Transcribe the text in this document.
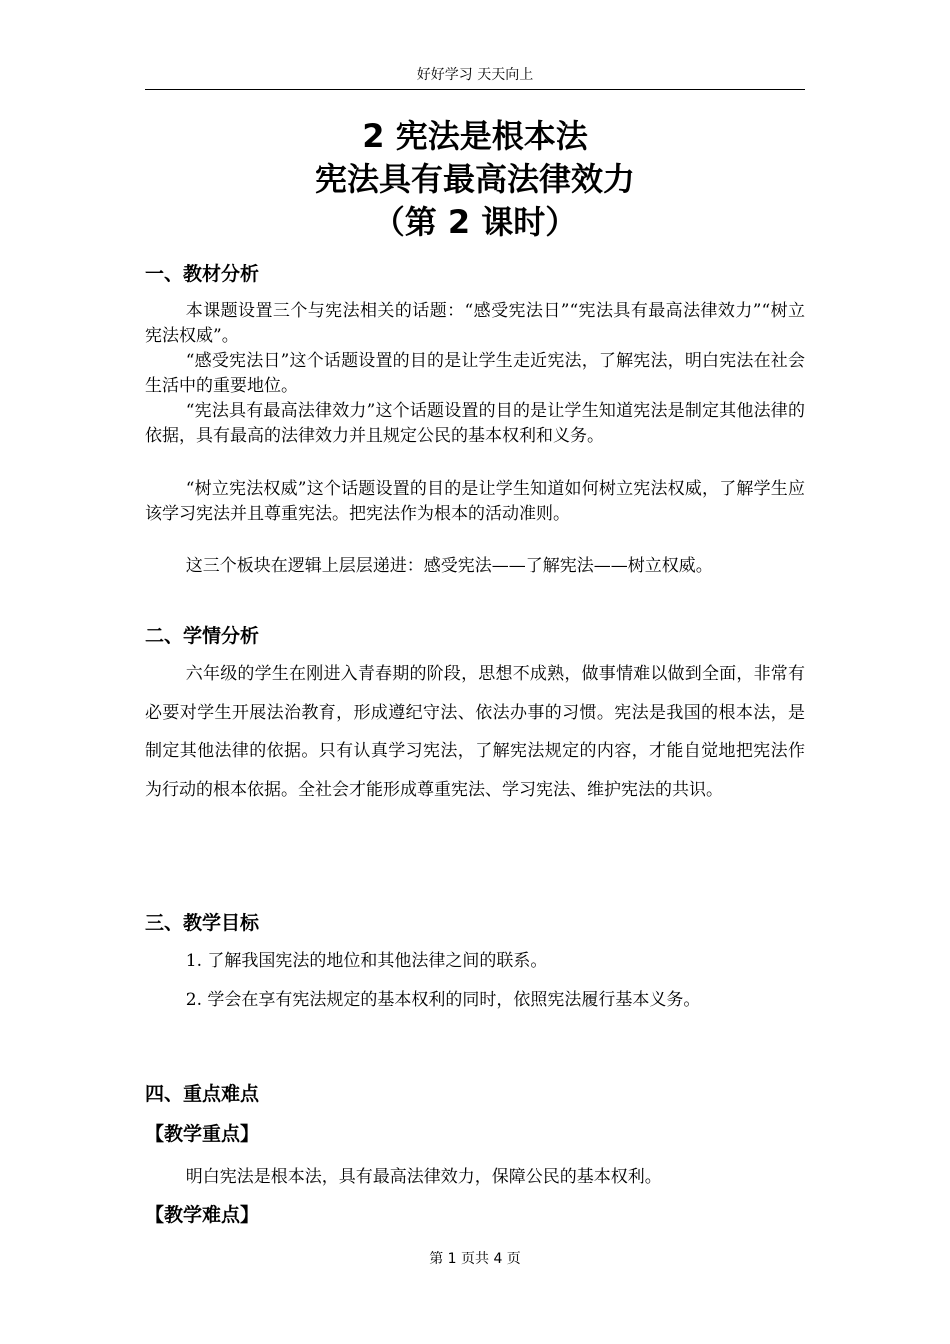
好好学习 天天向上
2 宪法是根本法
宪法具有最高法律效力
（第 2 课时）
一、教材分析

本课题设置三个与宪法相关的话题：“感受宪法日”“宪法具有最高法律效力”“树立宪法权威”。

“感受宪法日”这个话题设置的目的是让学生走近宪法，了解宪法，明白宪法在社会生活中的重要地位。

“宪法具有最高法律效力”这个话题设置的目的是让学生知道宪法是制定其他法律的依据，具有最高的法律效力并且规定公民的基本权利和义务。

“树立宪法权威”这个话题设置的目的是让学生知道如何树立宪法权威，了解学生应该学习宪法并且尊重宪法。把宪法作为根本的活动准则。

这三个板块在逻辑上层层递进：感受宪法——了解宪法——树立权威。

二、学情分析

六年级的学生在刚进入青春期的阶段，思想不成熟，做事情难以做到全面，非常有必要对学生开展法治教育，形成遵纪守法、依法办事的习惯。宪法是我国的根本法，是制定其他法律的依据。只有认真学习宪法，了解宪法规定的内容，才能自觉地把宪法作为行动的根本依据。全社会才能形成尊重宪法、学习宪法、维护宪法的共识。

三、教学目标

1. 了解我国宪法的地位和其他法律之间的联系。

2. 学会在享有宪法规定的基本权利的同时，依照宪法履行基本义务。

四、重点难点
【教学重点】

明白宪法是根本法，具有最高法律效力，保障公民的基本权利。

【教学难点】
第 1 页共 4 页
